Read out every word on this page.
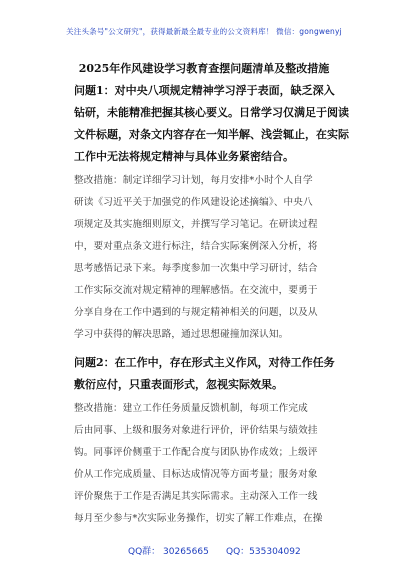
关注头条号"公文研究"，获得最新最全最专业的公文资料库！ 微信：gongwenyj
2025年作风建设学习教育查摆问题清单及整改措施
问题1：对中央八项规定精神学习浮于表面，缺乏深入
钻研，未能精准把握其核心要义。日常学习仅满足于阅读
文件标题，对条文内容存在一知半解、浅尝辄止，在实际
工作中无法将规定精神与具体业务紧密结合。
整改措施：制定详细学习计划，每月安排*小时个人自学
研读《习近平关于加强党的作风建设论述摘编》、中央八
项规定及其实施细则原文，并撰写学习笔记。在研读过程
中，要对重点条文进行标注，结合实际案例深入分析，将
思考感悟记录下来。每季度参加一次集中学习研讨，结合
工作实际交流对规定精神的理解感悟。在交流中，要勇于
分享自身在工作中遇到的与规定精神相关的问题，以及从
学习中获得的解决思路，通过思想碰撞加深认知。
问题2：在工作中，存在形式主义作风，对待工作任务
敷衍应付，只重表面形式，忽视实际效果。
整改措施：建立工作任务质量反馈机制，每项工作完成
后由同事、上级和服务对象进行评价，评价结果与绩效挂
钩。同事评价侧重于工作配合度与团队协作成效；上级评
价从工作完成质量、目标达成情况等方面考量；服务对象
评价聚焦于工作是否满足其实际需求。主动深入工作一线
每月至少参与*次实际业务操作，切实了解工作难点，在操
QQ群： 30265665 QQ：535304092
